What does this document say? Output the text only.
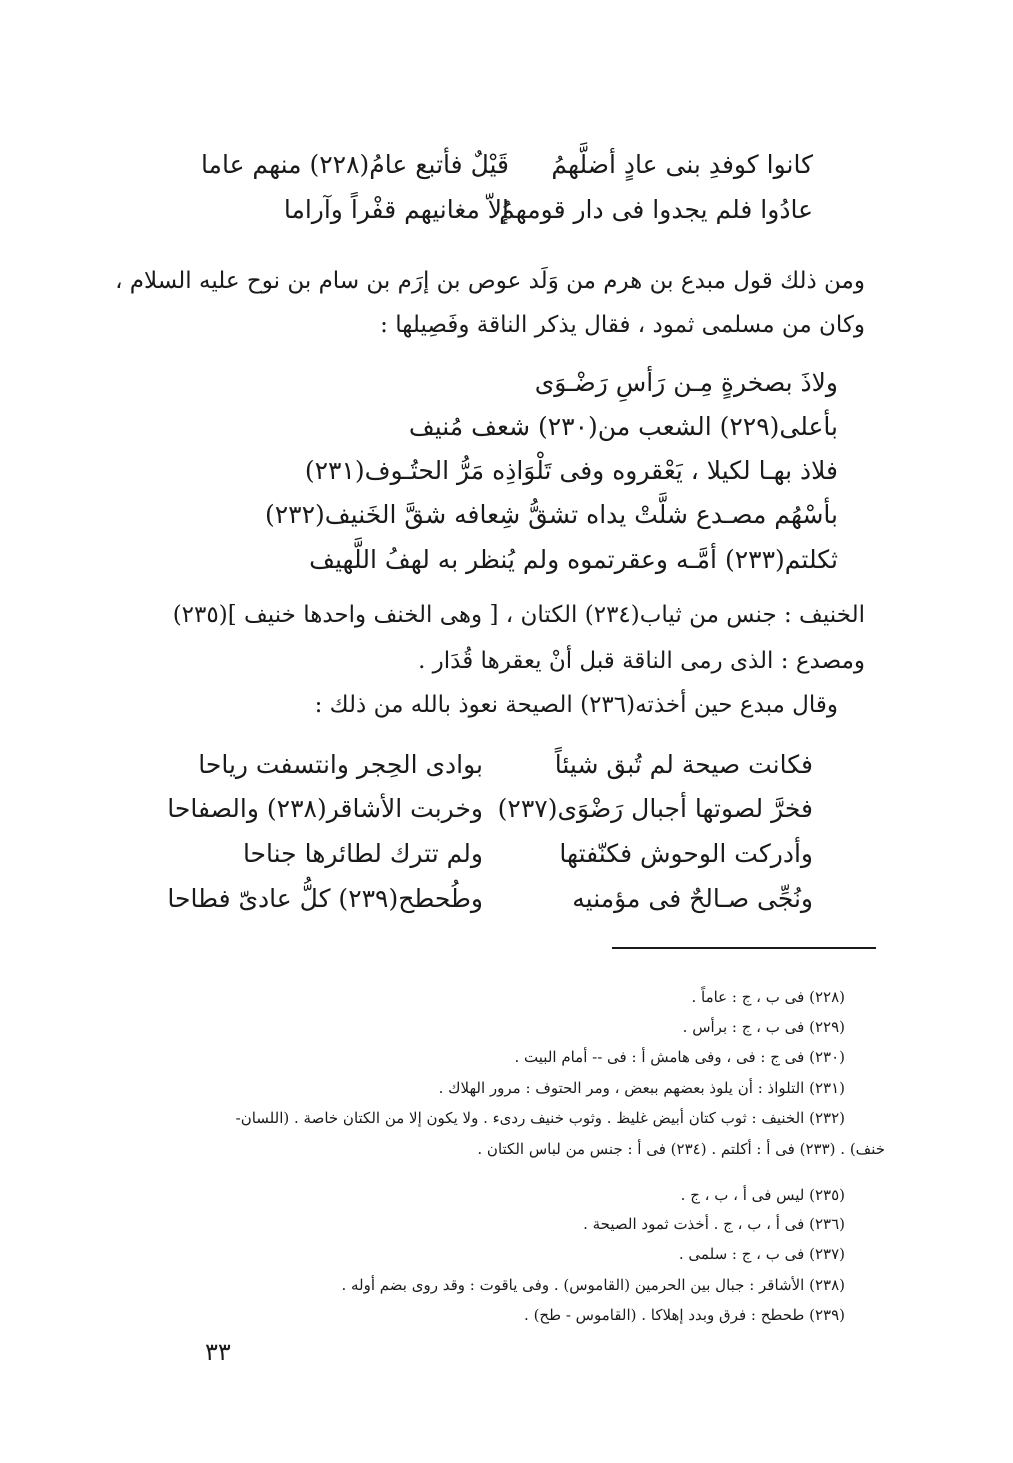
كانوا كوفدِ بنى عادٍ أضلَّهمُ
قَيْلٌ فأتبع عامُ(٢٢٨) منهم عاما
عادُوا فلم يجدوا فى دار قومهمُ
إلاّ مغانيهم قفْراً وآراما
ومن ذلك قول مبدع بن هرم من وَلَد عوص بن إرَم بن سام بن نوح عليه السلام ،
وكان من مسلمى ثمود ، فقال يذكر الناقة وفَصِيلها :
ولاذَ بصخرةٍ مِـن رَأسِ رَضْـوَى
بأعلى(٢٢٩) الشعب من(٢٣٠) شعف مُنيف
فلاذ بهـا لكيلا ، يَعْقروه وفى تَلْوَاذِه مَرُّ الحتُـوف(٢٣١)
بأسْهُم مصـدع شلَّتْ يداه تشقُّ شِعافه شقَّ الخَنيف(٢٣٢)
ثكلتم(٢٣٣) أمَّـه وعقرتموه ولم يُنظر به لهفُ اللَّهيف
الخنيف : جنس من ثياب(٢٣٤) الكتان ، [ وهى الخنف واحدها خنيف ](٢٣٥)
ومصدع : الذى رمى الناقة قبل أنْ يعقرها قُدَار .
وقال مبدع حين أخذته(٢٣٦) الصيحة نعوذ بالله من ذلك :
فكانت صيحة لم تُبق شيئاً
بوادى الحِجر وانتسفت رياحا
فخرَّ لصوتها أجبال رَضْوَى(٢٣٧)
وخربت الأشاقر(٢٣٨) والصفاحا
وأدركت الوحوش فكنّفتها
ولم تترك لطائرها جناحا
ونُجِّى صـالحٌ فى مؤمنيه
وطُحطح(٢٣٩) كلُّ عادىّ فطاحا
(٢٢٨) فى ب ، ج : عاماً .
(٢٢٩) فى ب ، ج : برأس .
(٢٣٠) فى ج : فى ، وفى هامش أ : فى -- أمام البيت .
(٢٣١) التلواذ : أن يلوذ بعضهم ببعض ، ومر الحتوف : مرور الهلاك .
(٢٣٢) الخنيف : ثوب كتان أبيض غليظ . وثوب خنيف ردىء . ولا يكون إلا من الكتان خاصة . (اللسان-
خنف) . (٢٣٣) فى أ : أكلتم . (٢٣٤) فى أ : جنس من لباس الكتان .
(٢٣٥) ليس فى أ ، ب ، ج .
(٢٣٦) فى أ ، ب ، ج . أخذت ثمود الصيحة .
(٢٣٧) فى ب ، ج : سلمى .
(٢٣٨) الأشاقر : جبال بين الحرمين (القاموس) . وفى ياقوت : وقد روى بضم أوله .
(٢٣٩) طحطح : فرق وبدد إهلاكا . (القاموس - طح) .
٣٣
